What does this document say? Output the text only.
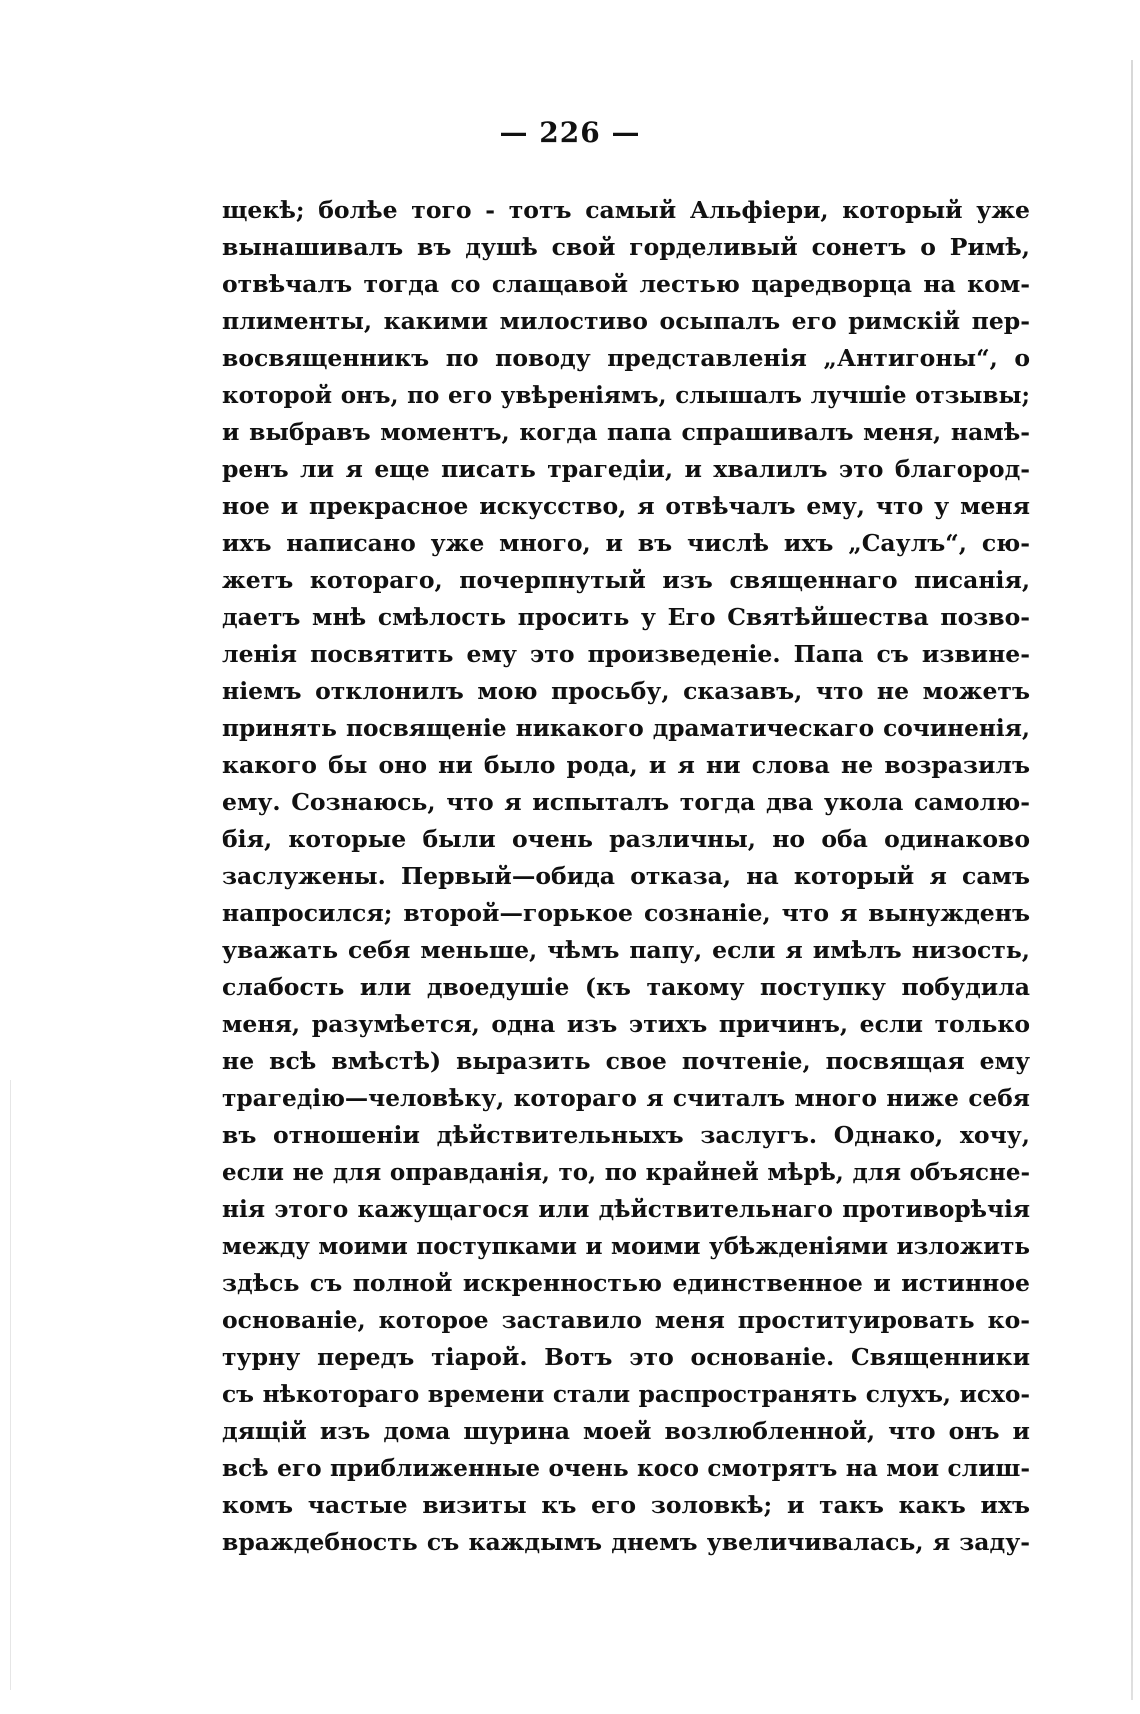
— 226 —
щекѣ; болѣе того - тотъ самый Альфіери, который уже
вынашивалъ въ душѣ свой горделивый сонетъ о Римѣ,
отвѣчалъ тогда со слащавой лестью царедворца на ком-
плименты, какими милостиво осыпалъ его римскій пер-
восвященникъ по поводу представленія „Антигоны“, о
которой онъ, по его увѣреніямъ, слышалъ лучшіе отзывы;
и выбравъ моментъ, когда папа спрашивалъ меня, намѣ-
ренъ ли я еще писать трагедіи, и хвалилъ это благород-
ное и прекрасное искусство, я отвѣчалъ ему, что у меня
ихъ написано уже много, и въ числѣ ихъ „Саулъ“, сю-
жетъ котораго, почерпнутый изъ священнаго писанія,
даетъ мнѣ смѣлость просить у Его Святѣйшества позво-
ленія посвятить ему это произведеніе. Папа съ извине-
ніемъ отклонилъ мою просьбу, сказавъ, что не можетъ
принять посвященіе никакого драматическаго сочиненія,
какого бы оно ни было рода, и я ни слова не возразилъ
ему. Сознаюсь, что я испыталъ тогда два укола самолю-
бія, которые были очень различны, но оба одинаково
заслужены. Первый—обида отказа, на который я самъ
напросился; второй—горькое сознаніе, что я вынужденъ
уважать себя меньше, чѣмъ папу, если я имѣлъ низость,
слабость или двоедушіе (къ такому поступку побудила
меня, разумѣется, одна изъ этихъ причинъ, если только
не всѣ вмѣстѣ) выразить свое почтеніе, посвящая ему
трагедію—человѣку, котораго я считалъ много ниже себя
въ отношеніи дѣйствительныхъ заслугъ. Однако, хочу,
если не для оправданія, то, по крайней мѣрѣ, для объясне-
нія этого кажущагося или дѣйствительнаго противорѣчія
между моими поступками и моими убѣжденіями изложить
здѣсь съ полной искренностью единственное и истинное
основаніе, которое заставило меня проституировать ко-
турну передъ тіарой. Вотъ это основаніе. Священники
съ нѣкотораго времени стали распространять слухъ, исхо-
дящій изъ дома шурина моей возлюбленной, что онъ и
всѣ его приближенные очень косо смотрятъ на мои слиш-
комъ частые визиты къ его золовкѣ; и такъ какъ ихъ
враждебность съ каждымъ днемъ увеличивалась, я заду-
